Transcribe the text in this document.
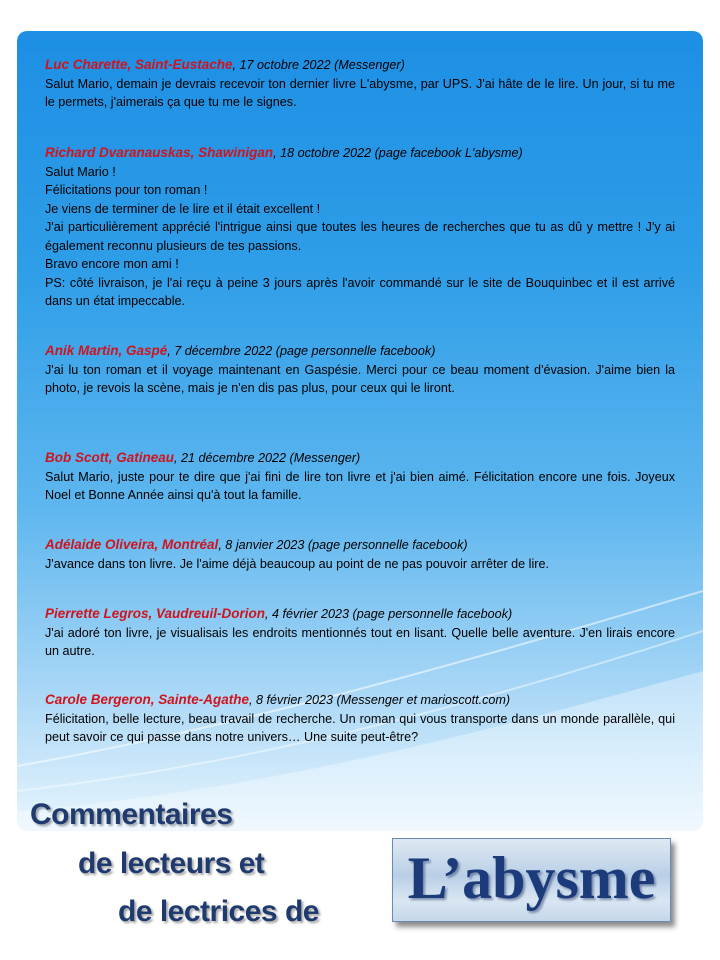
Luc Charette, Saint-Eustache, 17 octobre 2022 (Messenger)
Salut Mario, demain je devrais recevoir ton dernier livre L'abysme, par UPS. J'ai hâte de le lire. Un jour, si tu me le permets, j'aimerais ça que tu me le signes.
Richard Dvaranauskas, Shawinigan, 18 octobre 2022 (page facebook L'abysme)
Salut Mario !
Félicitations pour ton roman !
Je viens de terminer de le lire et il était excellent !
J'ai particulièrement apprécié l'intrigue ainsi que toutes les heures de recherches que tu as dû y mettre ! J'y ai également reconnu plusieurs de tes passions.
Bravo encore mon ami !
PS: côté livraison, je l'ai reçu à peine 3 jours après l'avoir commandé sur le site de Bouquinbec et il est arrivé dans un état impeccable.
Anik Martin, Gaspé, 7 décembre 2022 (page personnelle facebook)
J'ai lu ton roman et il voyage maintenant en Gaspésie. Merci pour ce beau moment d'évasion. J'aime bien la photo, je revois la scène, mais je n'en dis pas plus, pour ceux qui le liront.
Bob Scott, Gatineau, 21 décembre 2022 (Messenger)
Salut Mario, juste pour te dire que j'ai fini de lire ton livre et j'ai bien aimé. Félicitation encore une fois. Joyeux Noel et Bonne Année ainsi qu'à tout la famille.
Adélaide Oliveira, Montréal, 8 janvier 2023 (page personnelle facebook)
J'avance dans ton livre. Je l'aime déjà beaucoup au point de ne pas pouvoir arrêter de lire.
Pierrette Legros, Vaudreuil-Dorion, 4 février 2023 (page personnelle facebook)
J'ai adoré ton livre, je visualisais les endroits mentionnés tout en lisant. Quelle belle aventure. J'en lirais encore un autre.
Carole Bergeron, Sainte-Agathe, 8 février 2023 (Messenger et marioscott.com)
Félicitation, belle lecture, beau travail de recherche. Un roman qui vous transporte dans un monde parallèle, qui peut savoir ce qui passe dans notre univers… Une suite peut-être?
Commentaires
de lecteurs et
de lectrices de
L’abysme
